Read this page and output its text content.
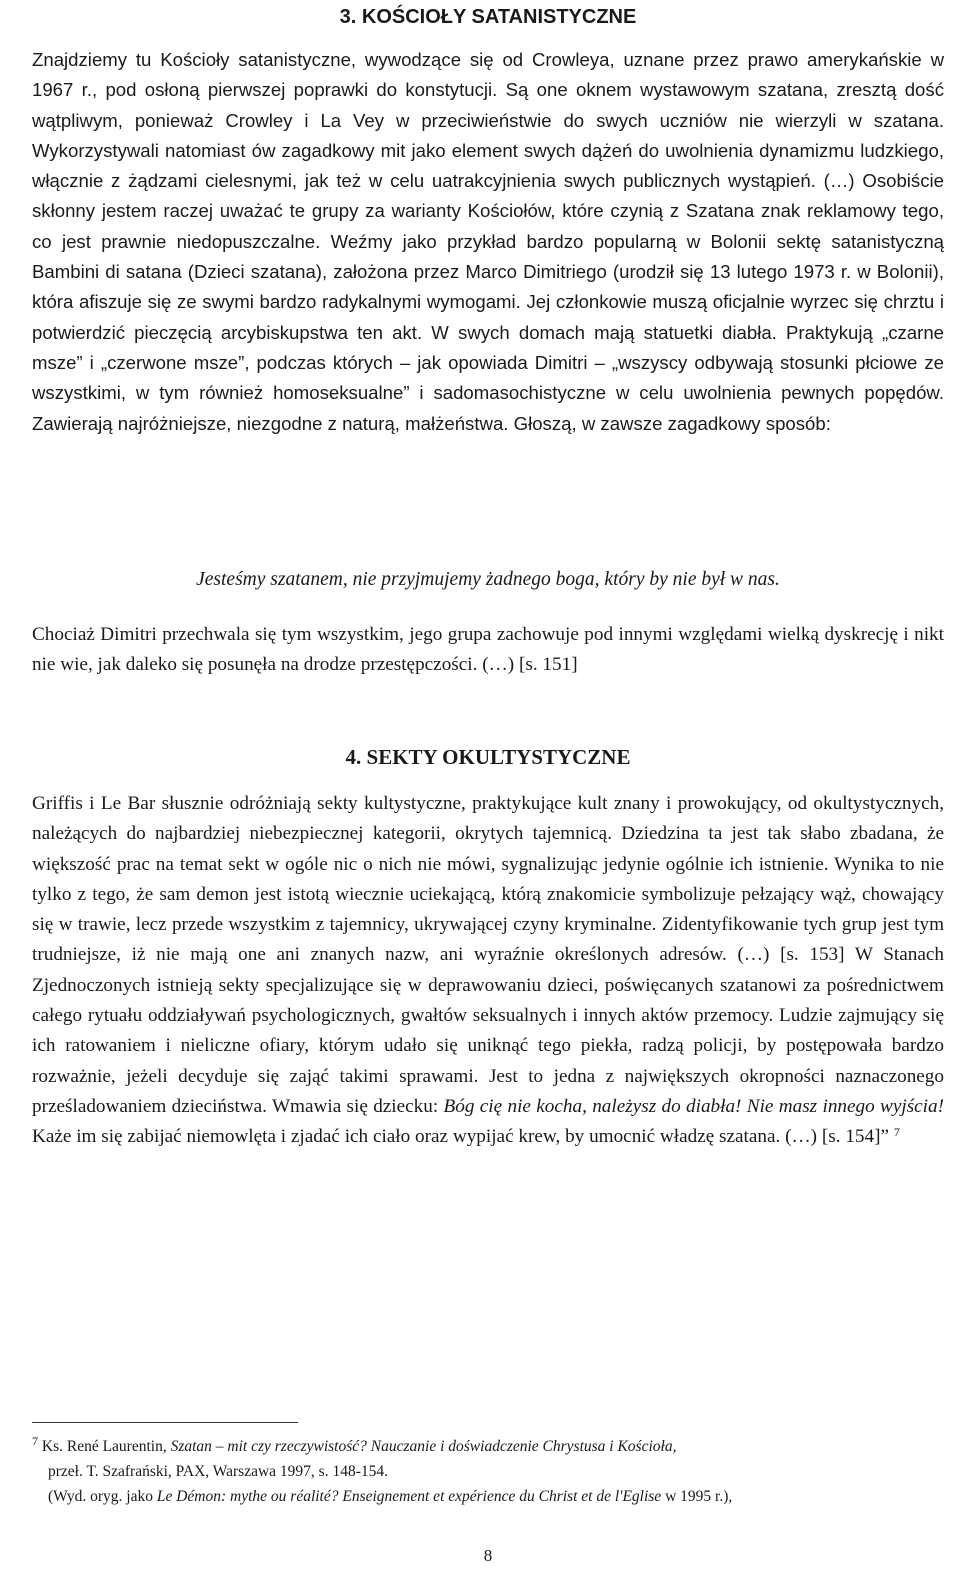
3. KOŚCIOŁY SATANISTYCZNE

Znajdziemy tu Kościoły satanistyczne, wywodzące się od Crowleya, uznane przez prawo amerykańskie w 1967 r., pod osłoną pierwszej poprawki do konstytucji. Są one oknem wystawowym szatana, zresztą dość wątpliwym, ponieważ Crowley i La Vey w przeciwieństwie do swych uczniów nie wierzyli w szatana. Wykorzystywali natomiast ów zagadkowy mit jako element swych dążeń do uwolnienia dynamizmu ludzkiego, włącznie z żądzami cielesnymi, jak też w celu uatrakcyjnienia swych publicznych wystąpień. (…) Osobiście skłonny jestem raczej uważać te grupy za warianty Kościołów, które czynią z Szatana znak reklamowy tego, co jest prawnie niedopuszczalne. Weźmy jako przykład bardzo popularną w Bolonii sektę satanistyczną Bambini di satana (Dzieci szatana), założona przez Marco Dimitriego (urodził się 13 lutego 1973 r. w Bolonii), która afiszuje się ze swymi bardzo radykalnymi wymogami. Jej członkowie muszą oficjalnie wyrzec się chrztu i potwierdzić pieczęcią arcybiskupstwa ten akt. W swych domach mają statuetki diabła. Praktykują „czarne msze” i „czerwone msze”, podczas których – jak opowiada Dimitri – „wszyscy odbywają stosunki płciowe ze wszystkimi, w tym również homoseksualne” i sadomasochistyczne w celu uwolnienia pewnych popędów. Zawierają najróżniejsze, niezgodne z naturą, małżeństwa. Głoszą, w zawsze zagadkowy sposób:

Jesteśmy szatanem, nie przyjmujemy żadnego boga, który by nie był w nas.

Chociaż Dimitri przechwala się tym wszystkim, jego grupa zachowuje pod innymi względami wielką dyskrecję i nikt nie wie, jak daleko się posunęła na drodze przestępczości. (…) [s. 151]

4. SEKTY OKULTYSTYCZNE

Griffis i Le Bar słusznie odróżniają sekty kultystyczne, praktykujące kult znany i prowokujący, od okultystycznych, należących do najbardziej niebezpiecznej kategorii, okrytych tajemnicą. Dziedzina ta jest tak słabo zbadana, że większość prac na temat sekt w ogóle nic o nich nie mówi, sygnalizując jedynie ogólnie ich istnienie. Wynika to nie tylko z tego, że sam demon jest istotą wiecznie uciekającą, którą znakomicie symbolizuje pełzający wąż, chowający się w trawie, lecz przede wszystkim z tajemnicy, ukrywającej czyny kryminalne. Zidentyfikowanie tych grup jest tym trudniejsze, iż nie mają one ani znanych nazw, ani wyraźnie określonych adresów. (…) [s. 153] W Stanach Zjednoczonych istnieją sekty specjalizujące się w deprawowaniu dzieci, poświęcanych szatanowi za pośrednictwem całego rytuału oddziaływań psychologicznych, gwałtów seksualnych i innych aktów przemocy. Ludzie zajmujący się ich ratowaniem i nieliczne ofiary, którym udało się uniknąć tego piekła, radzą policji, by postępowała bardzo rozważnie, jeżeli decyduje się zająć takimi sprawami. Jest to jedna z największych okropności naznaczonego prześladowaniem dzieciństwa. Wmawia się dziecku: Bóg cię nie kocha, należysz do diabła! Nie masz innego wyjścia! Każe im się zabijać niemowlęta i zjadać ich ciało oraz wypijać krew, by umocnić władzę szatana. (…) [s. 154]” $^7$

$^7$ Ks. René Laurentin, Szatan – mit czy rzeczywistość? Nauczanie i doświadczenie Chrystusa i Kościoła,
przeł. T. Szafrański, PAX, Warszawa 1997, s. 148-154.
(Wyd. oryg. jako Le Démon: mythe ou réalité? Enseignement et expérience du Christ et de l'Eglise w 1995 r.),
8
